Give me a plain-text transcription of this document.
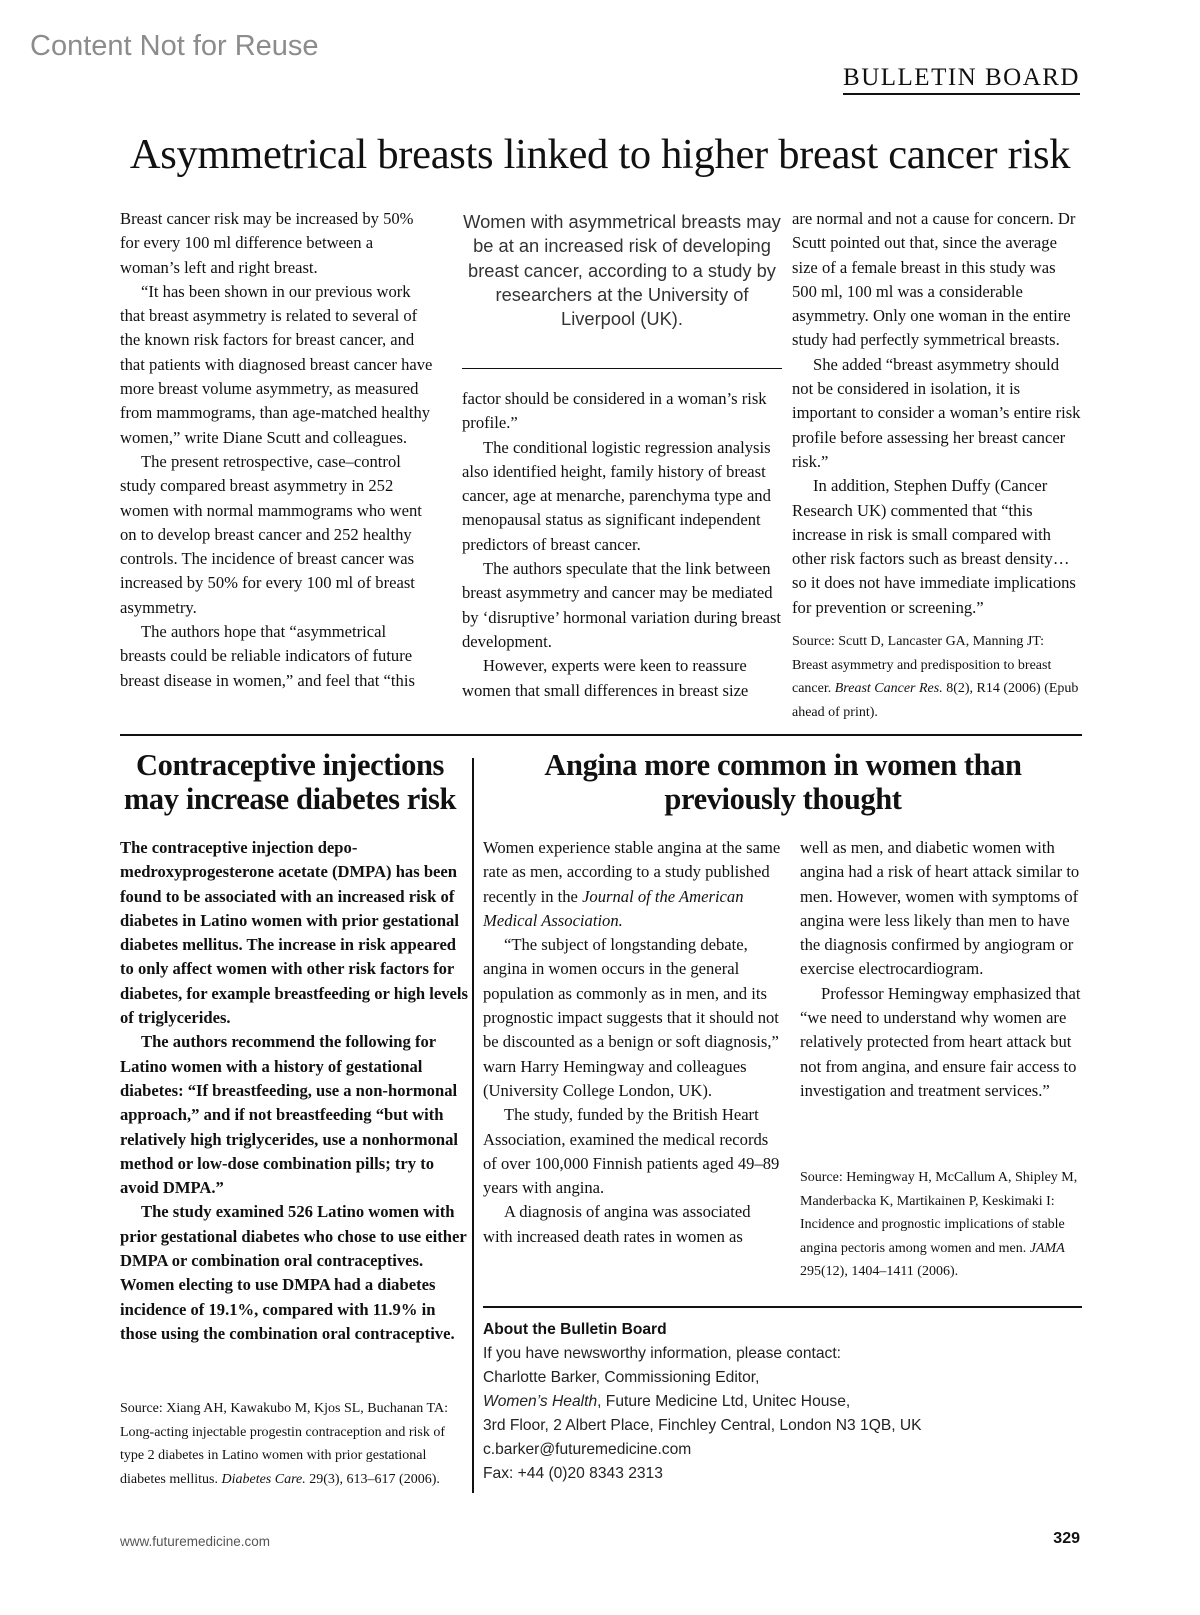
Content Not for Reuse
BULLETIN BOARD
Asymmetrical breasts linked to higher breast cancer risk

Breast cancer risk may be increased by 50% for every 100 ml difference between a woman’s left and right breast.

“It has been shown in our previous work that breast asymmetry is related to several of the known risk factors for breast cancer, and that patients with diagnosed breast cancer have more breast volume asymmetry, as measured from mammograms, than age-matched healthy women,” write Diane Scutt and colleagues.

The present retrospective, case–control study compared breast asymmetry in 252 women with normal mammograms who went on to develop breast cancer and 252 healthy controls. The incidence of breast cancer was increased by 50% for every 100 ml of breast asymmetry.

The authors hope that “asymmetrical breasts could be reliable indicators of future breast disease in women,” and feel that “this

Women with asymmetrical breasts may be at an increased risk of developing breast cancer, according to a study by researchers at the University of Liverpool (UK).

factor should be considered in a woman’s risk profile.”

The conditional logistic regression analysis also identified height, family history of breast cancer, age at menarche, parenchyma type and menopausal status as significant independent predictors of breast cancer.

The authors speculate that the link between breast asymmetry and cancer may be mediated by ‘disruptive’ hormonal variation during breast development.

However, experts were keen to reassure women that small differences in breast size

are normal and not a cause for concern. Dr Scutt pointed out that, since the average size of a female breast in this study was 500 ml, 100 ml was a considerable asymmetry. Only one woman in the entire study had perfectly symmetrical breasts.

She added “breast asymmetry should not be considered in isolation, it is important to consider a woman’s entire risk profile before assessing her breast cancer risk.”

In addition, Stephen Duffy (Cancer Research UK) commented that “this increase in risk is small compared with other risk factors such as breast density…so it does not have immediate implications for prevention or screening.”

Source: Scutt D, Lancaster GA, Manning JT: Breast asymmetry and predisposition to breast cancer. Breast Cancer Res. 8(2), R14 (2006) (Epub ahead of print).
Contraceptive injections
may increase diabetes risk

The contraceptive injection depo-medroxyprogesterone acetate (DMPA) has been found to be associated with an increased risk of diabetes in Latino women with prior gestational diabetes mellitus. The increase in risk appeared to only affect women with other risk factors for diabetes, for example breastfeeding or high levels of triglycerides.

The authors recommend the following for Latino women with a history of gestational diabetes: “If breastfeeding, use a non-hormonal approach,” and if not breastfeeding “but with relatively high triglycerides, use a nonhormonal method or low-dose combination pills; try to avoid DMPA.”

The study examined 526 Latino women with prior gestational diabetes who chose to use either DMPA or combination oral contraceptives. Women electing to use DMPA had a diabetes incidence of 19.1%, compared with 11.9% in those using the combination oral contraceptive.

Source: Xiang AH, Kawakubo M, Kjos SL, Buchanan TA: Long-acting injectable progestin contraception and risk of type 2 diabetes in Latino women with prior gestational diabetes mellitus. Diabetes Care. 29(3), 613–617 (2006).
Angina more common in women than
previously thought

Women experience stable angina at the same rate as men, according to a study published recently in the Journal of the American Medical Association.

“The subject of longstanding debate, angina in women occurs in the general population as commonly as in men, and its prognostic impact suggests that it should not be discounted as a benign or soft diagnosis,” warn Harry Hemingway and colleagues (University College London, UK).

The study, funded by the British Heart Association, examined the medical records of over 100,000 Finnish patients aged 49–89 years with angina.

A diagnosis of angina was associated with increased death rates in women as

well as men, and diabetic women with angina had a risk of heart attack similar to men. However, women with symptoms of angina were less likely than men to have the diagnosis confirmed by angiogram or exercise electrocardiogram.

Professor Hemingway emphasized that “we need to understand why women are relatively protected from heart attack but not from angina, and ensure fair access to investigation and treatment services.”

Source: Hemingway H, McCallum A, Shipley M, Manderbacka K, Martikainen P, Keskimaki I: Incidence and prognostic implications of stable angina pectoris among women and men. JAMA 295(12), 1404–1411 (2006).
About the Bulletin Board
If you have newsworthy information, please contact:
Charlotte Barker, Commissioning Editor,
Women’s Health, Future Medicine Ltd, Unitec House,
3rd Floor, 2 Albert Place, Finchley Central, London N3 1QB, UK
c.barker@futuremedicine.com
Fax: +44 (0)20 8343 2313
www.futuremedicine.com	329
